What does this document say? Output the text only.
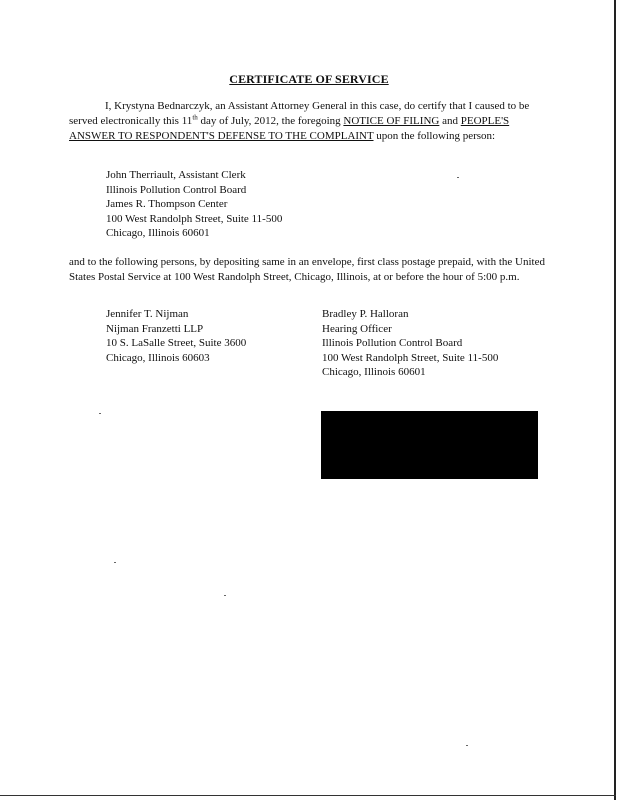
CERTIFICATE OF SERVICE
I, Krystyna Bednarczyk, an Assistant Attorney General in this case, do certify that I caused to be served electronically this 11th day of July, 2012, the foregoing NOTICE OF FILING and PEOPLE'S ANSWER TO RESPONDENT'S DEFENSE TO THE COMPLAINT upon the following person:
John Therriault, Assistant Clerk
Illinois Pollution Control Board
James R. Thompson Center
100 West Randolph Street, Suite 11-500
Chicago, Illinois 60601
and to the following persons, by depositing same in an envelope, first class postage prepaid, with the United States Postal Service at 100 West Randolph Street, Chicago, Illinois, at or before the hour of 5:00 p.m.
Jennifer T. Nijman
Nijman Franzetti LLP
10 S. LaSalle Street, Suite 3600
Chicago, Illinois 60603
Bradley P. Halloran
Hearing Officer
Illinois Pollution Control Board
100 West Randolph Street, Suite 11-500
Chicago, Illinois 60601
